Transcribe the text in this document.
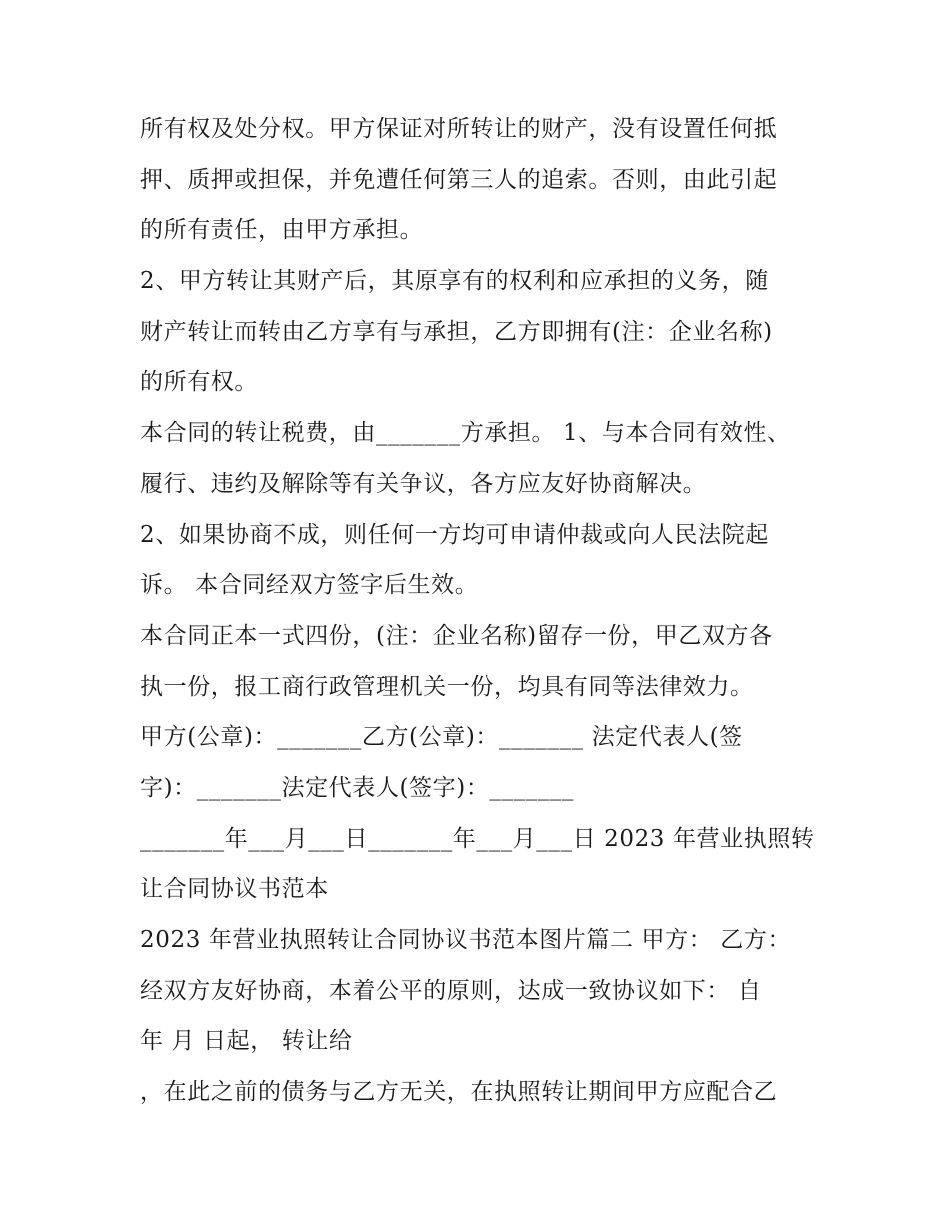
所有权及处分权。甲方保证对所转让的财产，没有设置任何抵
押、质押或担保，并免遭任何第三人的追索。否则，由此引起
的所有责任，由甲方承担。
2、甲方转让其财产后，其原享有的权利和应承担的义务，随
财产转让而转由乙方享有与承担，乙方即拥有(注：企业名称)
的所有权。
本合同的转让税费，由_______方承担。 1、与本合同有效性、
履行、违约及解除等有关争议，各方应友好协商解决。
2、如果协商不成，则任何一方均可申请仲裁或向人民法院起
诉。 本合同经双方签字后生效。
本合同正本一式四份，(注：企业名称)留存一份，甲乙双方各
执一份，报工商行政管理机关一份，均具有同等法律效力。
甲方(公章)：_______乙方(公章)：_______ 法定代表人(签
字)：_______法定代表人(签字)：_______
_______年___月___日_______年___月___日 2023 年营业执照转
让合同协议书范本
2023 年营业执照转让合同协议书范本图片篇二 甲方： 乙方：
经双方友好协商，本着公平的原则，达成一致协议如下： 自
年 月 日起， 转让给
，在此之前的债务与乙方无关，在执照转让期间甲方应配合乙
